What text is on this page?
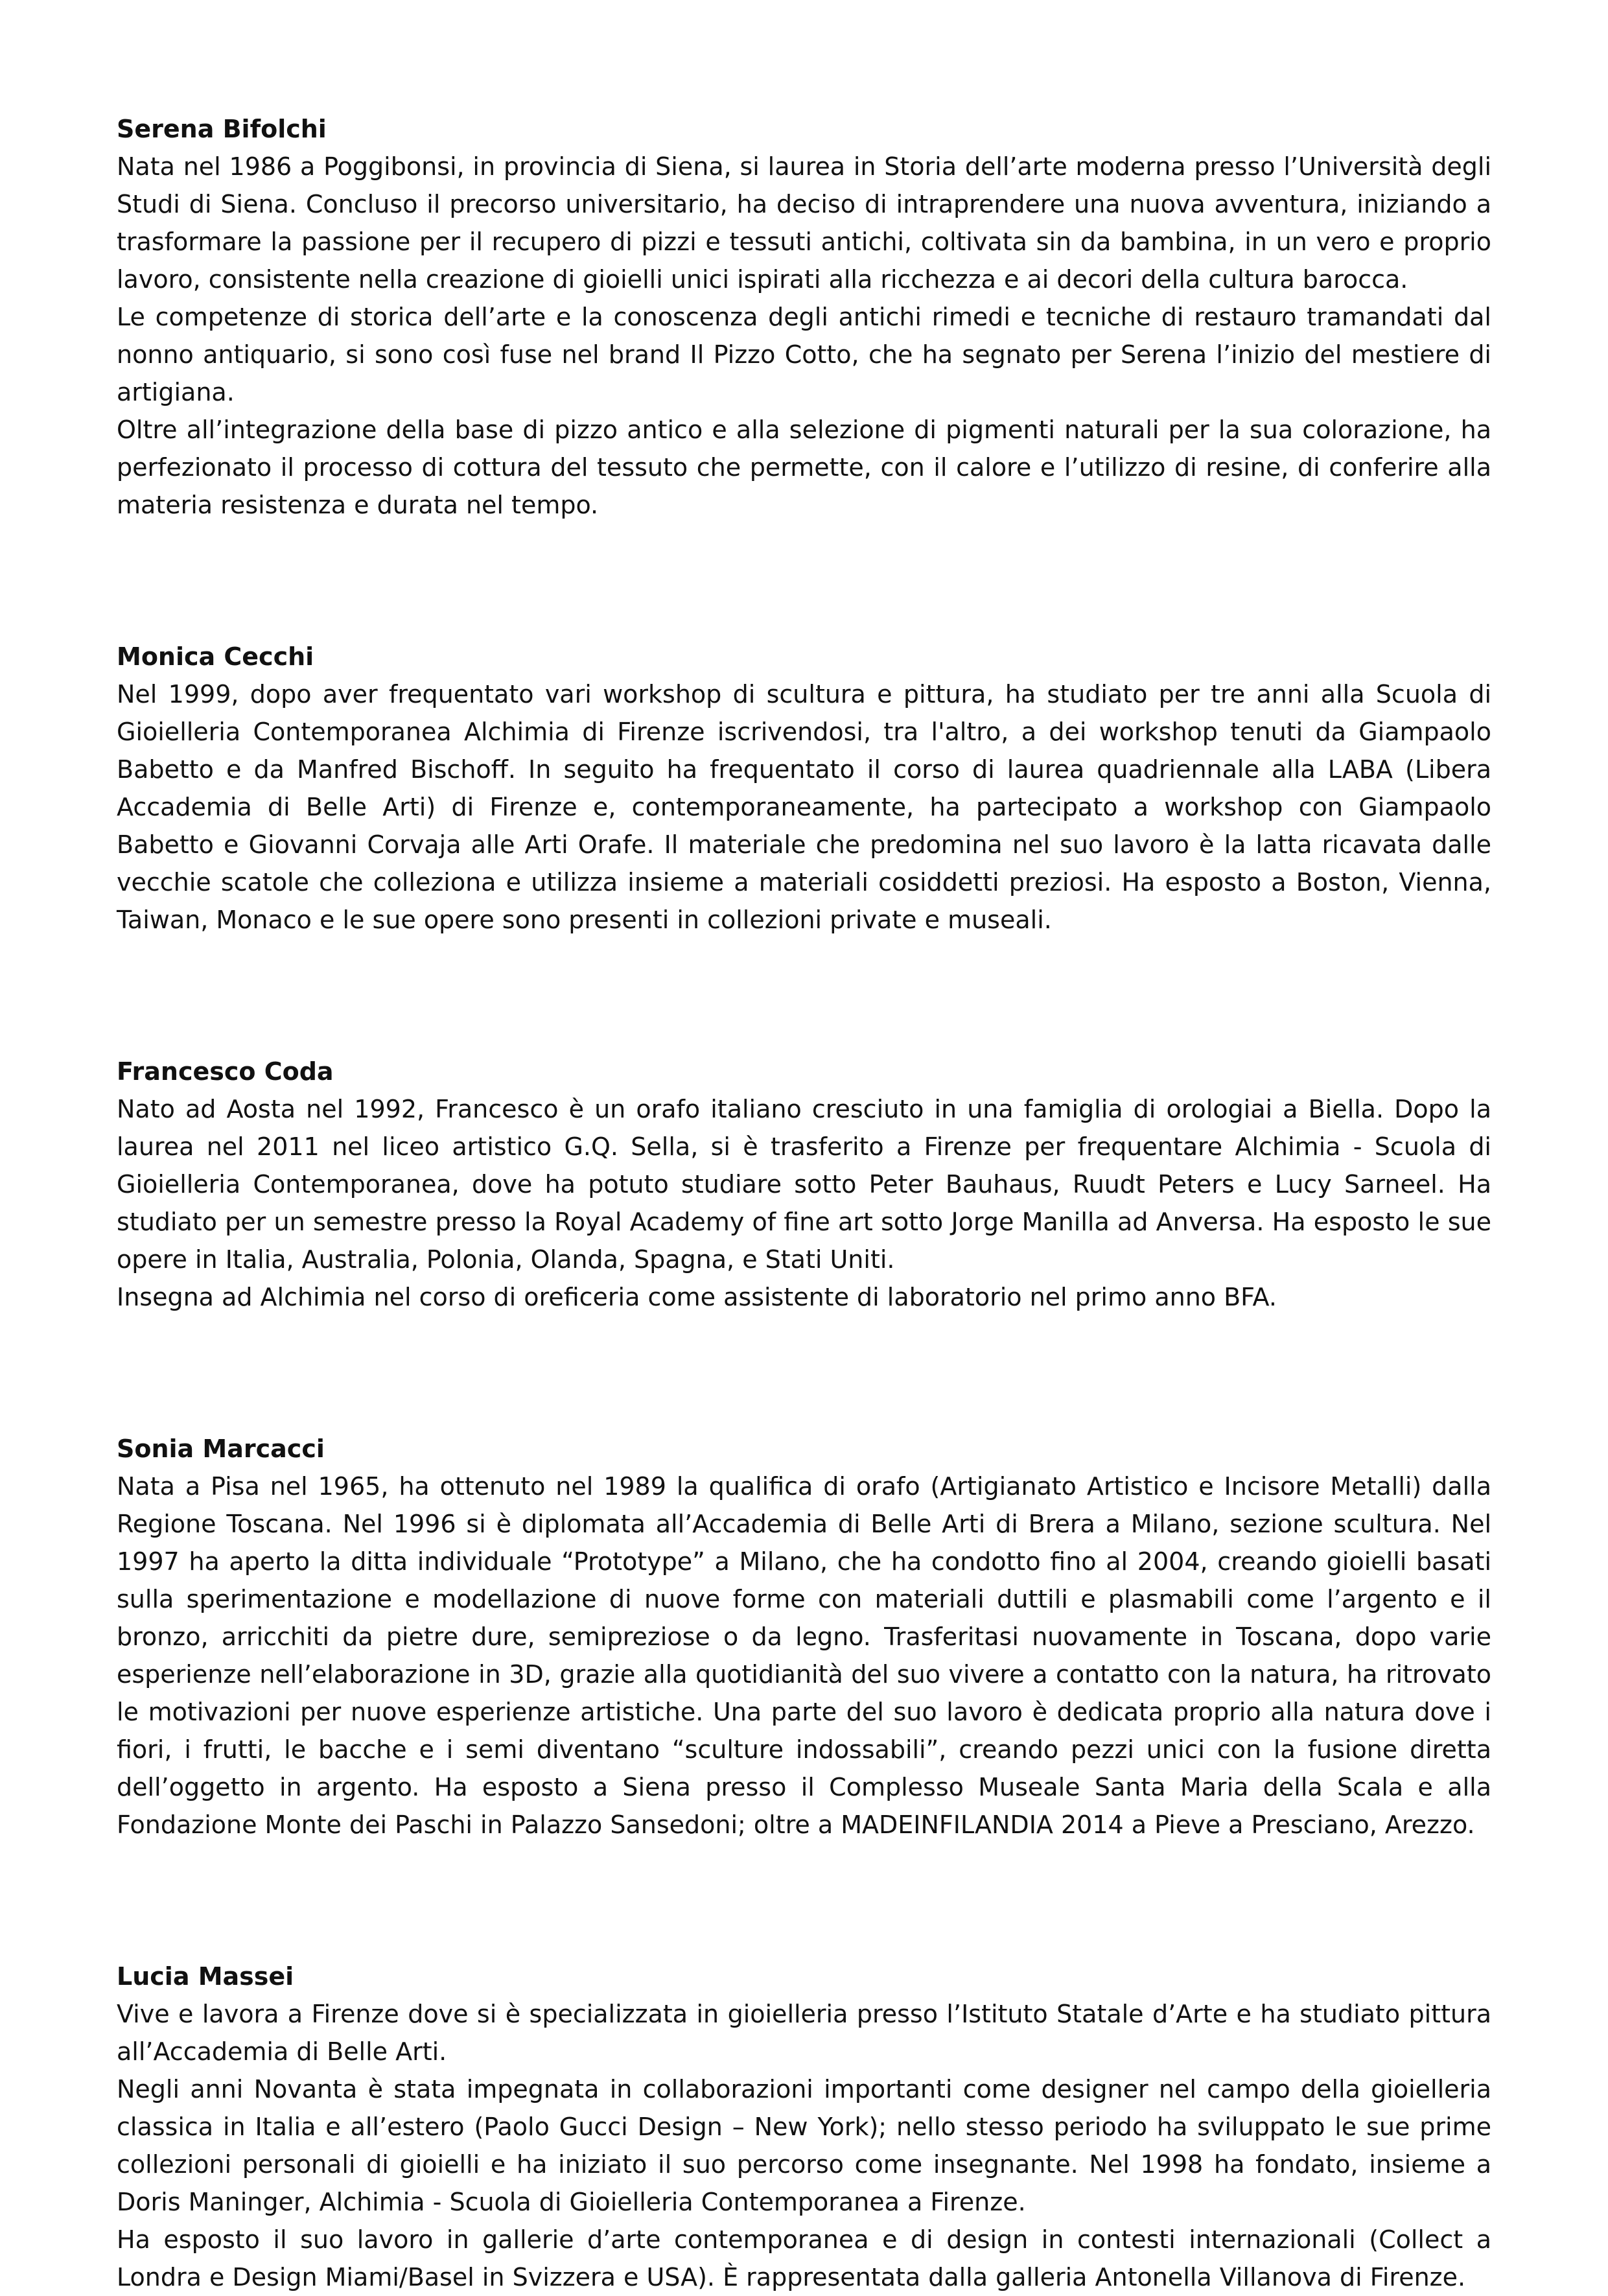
Serena Bifolchi

Nata nel 1986 a Poggibonsi, in provincia di Siena, si laurea in Storia dell’arte moderna presso l’Università degli Studi di Siena. Concluso il precorso universitario, ha deciso di intraprendere una nuova avventura, iniziando a trasformare la passione per il recupero di pizzi e tessuti antichi, coltivata sin da bambina, in un vero e proprio lavoro, consistente nella creazione di gioielli unici ispirati alla ricchezza e ai decori della cultura barocca.

Le competenze di storica dell’arte e la conoscenza degli antichi rimedi e tecniche di restauro tramandati dal nonno antiquario, si sono così fuse nel brand Il Pizzo Cotto, che ha segnato per Serena l’inizio del mestiere di artigiana.

Oltre all’integrazione della base di pizzo antico e alla selezione di pigmenti naturali per la sua colorazione, ha perfezionato il processo di cottura del tessuto che permette, con il calore e l’utilizzo di resine, di conferire alla materia resistenza e durata nel tempo.

Monica Cecchi

Nel 1999, dopo aver frequentato vari workshop di scultura e pittura, ha studiato per tre anni alla Scuola di Gioielleria Contemporanea Alchimia di Firenze iscrivendosi, tra l'altro, a dei workshop tenuti da Giampaolo Babetto e da Manfred Bischoff. In seguito ha frequentato il corso di laurea quadriennale alla LABA (Libera Accademia di Belle Arti) di Firenze e, contemporaneamente, ha partecipato a workshop con Giampaolo Babetto e Giovanni Corvaja alle Arti Orafe. Il materiale che predomina nel suo lavoro è la latta ricavata dalle vecchie scatole che colleziona e utilizza insieme a materiali cosiddetti preziosi. Ha esposto a Boston, Vienna, Taiwan, Monaco e le sue opere sono presenti in collezioni private e museali.

Francesco Coda

Nato ad Aosta nel 1992, Francesco è un orafo italiano cresciuto in una famiglia di orologiai a Biella. Dopo la laurea nel 2011 nel liceo artistico G.Q. Sella, si è trasferito a Firenze per frequentare Alchimia - Scuola di Gioielleria Contemporanea, dove ha potuto studiare sotto Peter Bauhaus, Ruudt Peters e Lucy Sarneel. Ha studiato per un semestre presso la Royal Academy of fine art sotto Jorge Manilla ad Anversa. Ha esposto le sue opere in Italia, Australia, Polonia, Olanda, Spagna, e Stati Uniti.

Insegna ad Alchimia nel corso di oreficeria come assistente di laboratorio nel primo anno BFA.

Sonia Marcacci

Nata a Pisa nel 1965, ha ottenuto nel 1989 la qualifica di orafo (Artigianato Artistico e Incisore Metalli) dalla Regione Toscana. Nel 1996 si è diplomata all’Accademia di Belle Arti di Brera a Milano, sezione scultura. Nel 1997 ha aperto la ditta individuale “Prototype” a Milano, che ha condotto fino al 2004, creando gioielli basati sulla sperimentazione e modellazione di nuove forme con materiali duttili e plasmabili come l’argento e il bronzo, arricchiti da pietre dure, semipreziose o da legno. Trasferitasi nuovamente in Toscana, dopo varie esperienze nell’elaborazione in 3D, grazie alla quotidianità del suo vivere a contatto con la natura, ha ritrovato le motivazioni per nuove esperienze artistiche. Una parte del suo lavoro è dedicata proprio alla natura dove i fiori, i frutti, le bacche e i semi diventano “sculture indossabili”, creando pezzi unici con la fusione diretta dell’oggetto in argento. Ha esposto a Siena presso il Complesso Museale Santa Maria della Scala e alla Fondazione Monte dei Paschi in Palazzo Sansedoni; oltre a MADEINFILANDIA 2014 a Pieve a Presciano, Arezzo.

Lucia Massei

Vive e lavora a Firenze dove si è specializzata in gioielleria presso l’Istituto Statale d’Arte e ha studiato pittura all’Accademia di Belle Arti.

Negli anni Novanta è stata impegnata in collaborazioni importanti come designer nel campo della gioielleria classica in Italia e all’estero (Paolo Gucci Design – New York); nello stesso periodo ha sviluppato le sue prime collezioni personali di gioielli e ha iniziato il suo percorso come insegnante. Nel 1998 ha fondato, insieme a Doris Maninger, Alchimia - Scuola di Gioielleria Contemporanea a Firenze.

Ha esposto il suo lavoro in gallerie d’arte contemporanea e di design in contesti internazionali (Collect a Londra e Design Miami/Basel in Svizzera e USA). È rappresentata dalla galleria Antonella Villanova di Firenze.
